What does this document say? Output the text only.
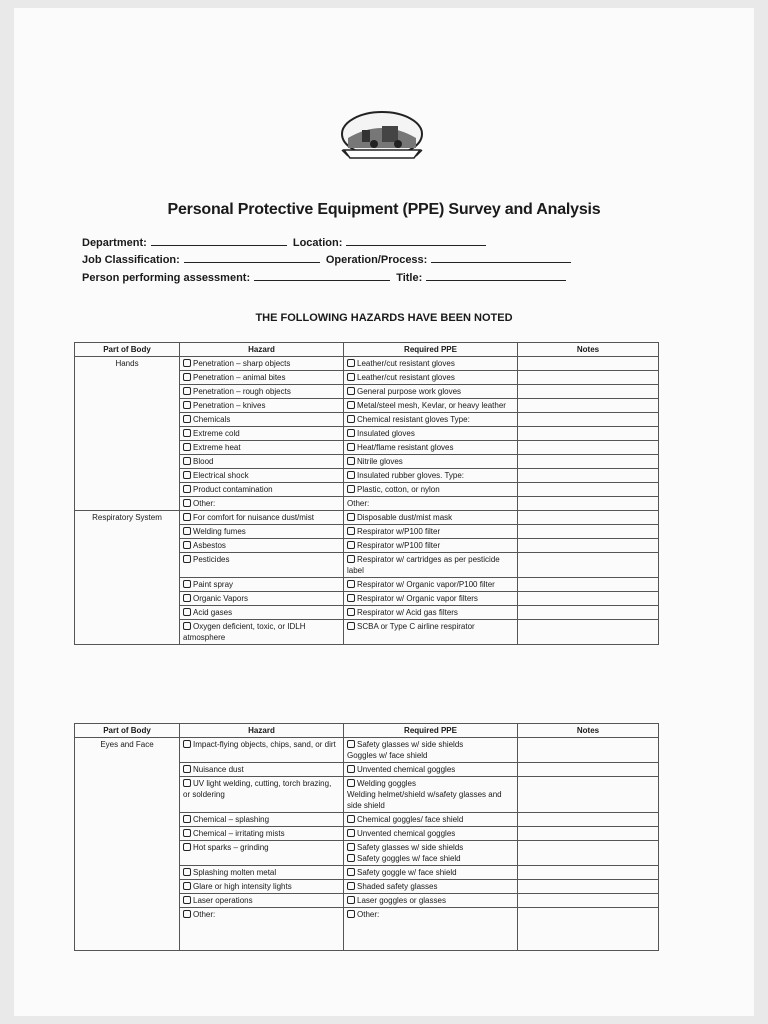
Personal Protective Equipment (PPE) Survey and Analysis
Department:	Location:
Job Classification:	Operation/Process:
Person performing assessment:	Title:
THE FOLLOWING HAZARDS HAVE BEEN NOTED
Part of Body	Hazard	Required PPE	Notes
Hands	Penetration – sharp objects	Leather/cut resistant gloves	

	Penetration – animal bites	Leather/cut resistant gloves	

	Penetration – rough objects	General purpose work gloves	

	Penetration – knives	Metal/steel mesh, Kevlar, or heavy leather	

	Chemicals	Chemical resistant gloves Type:	

	Extreme cold	Insulated gloves	

	Extreme heat	Heat/flame resistant gloves	

	Blood	Nitrile gloves	

	Electrical shock	Insulated rubber gloves. Type:	

	Product contamination	Plastic, cotton, or nylon	

	Other:	Other:	

Respiratory System	For comfort for nuisance dust/mist	Disposable dust/mist mask	

	Welding fumes	Respirator w/P100 filter	

	Asbestos	Respirator w/P100 filter	

	Pesticides	Respirator w/ cartridges as per pesticide label	

	Paint spray	Respirator w/ Organic vapor/P100 filter	

	Organic Vapors	Respirator w/ Organic vapor filters	

	Acid gases	Respirator w/ Acid gas filters	

	Oxygen deficient, toxic, or IDLH atmosphere	SCBA or Type C airline respirator	

Part of Body	Hazard	Required PPE	Notes
Eyes and Face	Impact-flying objects, chips, sand, or dirt	Safety glasses w/ side shields
Goggles w/ face shield	

	Nuisance dust	Unvented chemical goggles	

	UV light welding, cutting, torch brazing, or soldering	Welding goggles
Welding helmet/shield w/safety glasses and side shield	

	Chemical – splashing	Chemical goggles/ face shield	

	Chemical – irritating mists	Unvented chemical goggles	

	Hot sparks – grinding	Safety glasses w/ side shields
Safety goggles w/ face shield	

	Splashing molten metal	Safety goggle w/ face shield	

	Glare or high intensity lights	Shaded safety glasses	

	Laser operations	Laser goggles or glasses	

	Other:	Other:	
